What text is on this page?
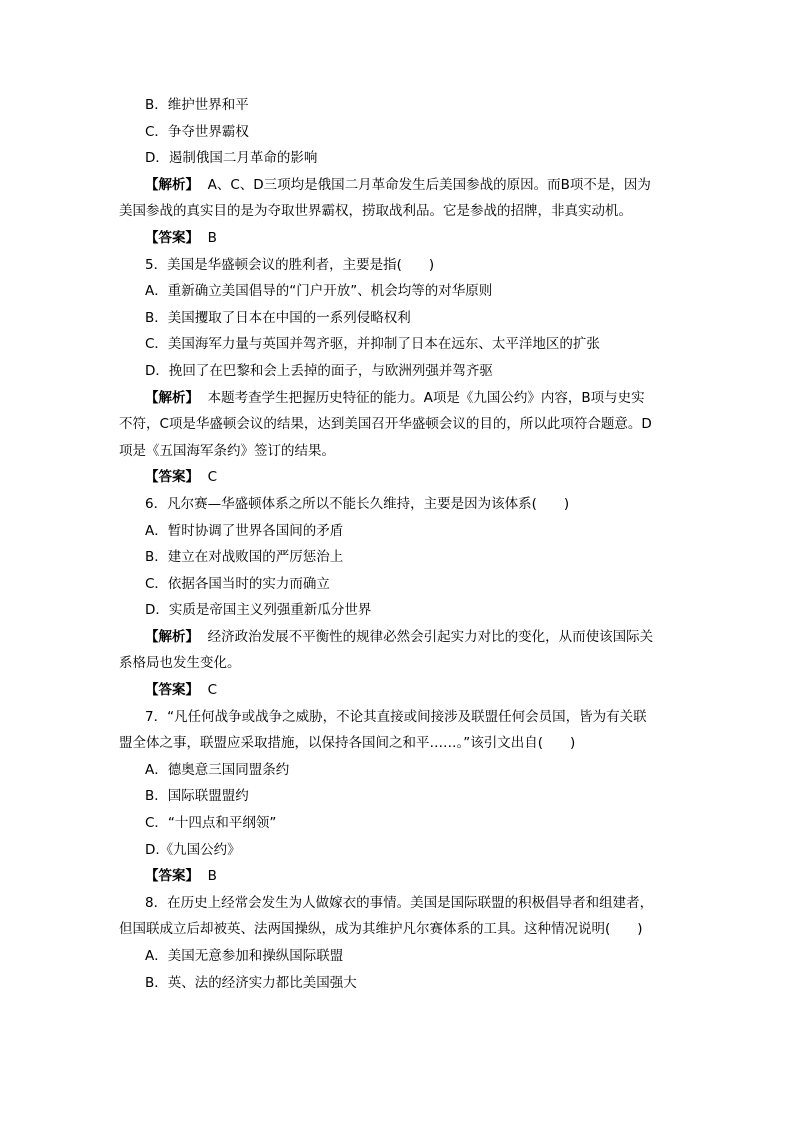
B．维护世界和平
C．争夺世界霸权
D．遏制俄国二月革命的影响
【解析】  A、C、D三项均是俄国二月革命发生后美国参战的原因。而B项不是，因为
美国参战的真实目的是为夺取世界霸权，捞取战利品。它是参战的招牌，非真实动机。
【答案】  B
5．美国是华盛顿会议的胜利者，主要是指(　　)
A．重新确立美国倡导的“门户开放”、机会均等的对华原则
B．美国攫取了日本在中国的一系列侵略权利
C．美国海军力量与英国并驾齐驱，并抑制了日本在远东、太平洋地区的扩张
D．挽回了在巴黎和会上丢掉的面子，与欧洲列强并驾齐驱
【解析】  本题考查学生把握历史特征的能力。A项是《九国公约》内容，B项与史实
不符，C项是华盛顿会议的结果，达到美国召开华盛顿会议的目的，所以此项符合题意。D
项是《五国海军条约》签订的结果。
【答案】  C
6．凡尔赛—华盛顿体系之所以不能长久维持，主要是因为该体系(　　)
A．暂时协调了世界各国间的矛盾
B．建立在对战败国的严厉惩治上
C．依据各国当时的实力而确立
D．实质是帝国主义列强重新瓜分世界
【解析】  经济政治发展不平衡性的规律必然会引起实力对比的变化，从而使该国际关
系格局也发生变化。
【答案】  C
7．“凡任何战争或战争之威胁，不论其直接或间接涉及联盟任何会员国，皆为有关联
盟全体之事，联盟应采取措施，以保持各国间之和平……。”该引文出自(　　)
A．德奥意三国同盟条约
B．国际联盟盟约
C．“十四点和平纲领”
D.《九国公约》
【答案】  B
8．在历史上经常会发生为人做嫁衣的事情。美国是国际联盟的积极倡导者和组建者，
但国联成立后却被英、法两国操纵，成为其维护凡尔赛体系的工具。这种情况说明(　　)
A．美国无意参加和操纵国际联盟
B．英、法的经济实力都比美国强大
